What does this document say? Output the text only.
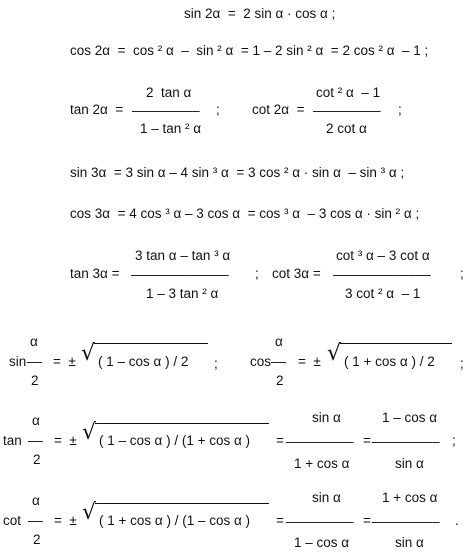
sin 2α  =  2 sin α · cos α ;
cos 2α  =  cos ² α  –  sin ² α  = 1 – 2 sin ² α  = 2 cos ² α  – 1 ;
tan 2α  =
2  tan α
–––––––––
1 – tan ² α
; cot 2α  =
cot ² α  – 1
–––––––––
2 cot α
;
sin 3α  = 3 sin α – 4 sin ³ α  = 3 cos ² α · sin α  – sin ³ α ;
cos 3α  = 4 cos ³ α – 3 cos α  = cos ³ α  – 3 cos α · sin ² α ;
tan 3α =
3 tan α – tan ³ α
–––––––––––––
1 – 3 tan ² α
; cot 3α =
cot ³ α – 3 cot α
–––––––––––––
3 cot ² α  – 1
;
α
sin ––
2
=  ± √ ( 1 – cos α ) / 2 ;
α
cos ––
2
=  ± √ ( 1 + cos α ) / 2 ;
α
tan ––
2
=  ± √ ( 1 – cos α ) / (1 + cos α ) =
sin α
–––––––––
1 + cos α
=
1 – cos α
–––––––––
sin α
;
α
cot ––
2
=  ± √ ( 1 + cos α ) / (1 – cos α ) =
sin α
–––––––––
1 – cos α
=
1 + cos α
–––––––––
sin α
.
